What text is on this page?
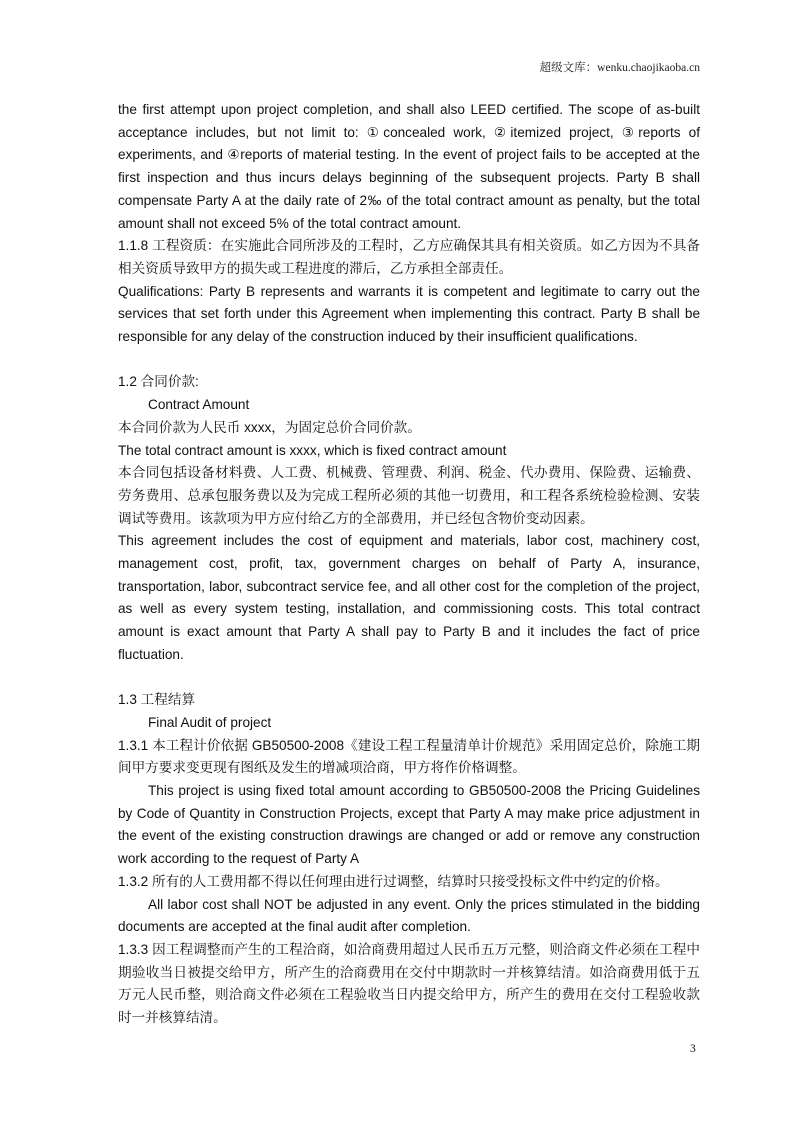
超级文库：wenku.chaojikaoba.cn

the first attempt upon project completion, and shall also LEED certified. The scope of as-built acceptance includes, but not limit to: ①concealed work, ②itemized project, ③reports of experiments, and ④reports of material testing. In the event of project fails to be accepted at the first inspection and thus incurs delays beginning of the subsequent projects. Party B shall compensate Party A at the daily rate of 2‰ of the total contract amount as penalty, but the total amount shall not exceed 5% of the total contract amount.

1.1.8 工程资质：在实施此合同所涉及的工程时，乙方应确保其具有相关资质。如乙方因为不具备相关资质导致甲方的损失或工程进度的滞后，乙方承担全部责任。

Qualifications: Party B represents and warrants it is competent and legitimate to carry out the services that set forth under this Agreement when implementing this contract. Party B shall be responsible for any delay of the construction induced by their insufficient qualifications.

1.2 合同价款:

Contract Amount

本合同价款为人民币 xxxx，为固定总价合同价款。

The total contract amount is xxxx, which is fixed contract amount

本合同包括设备材料费、人工费、机械费、管理费、利润、税金、代办费用、保险费、运输费、劳务费用、总承包服务费以及为完成工程所必须的其他一切费用，和工程各系统检验检测、安装调试等费用。该款项为甲方应付给乙方的全部费用，并已经包含物价变动因素。

This agreement includes the cost of equipment and materials, labor cost, machinery cost, management cost, profit, tax, government charges on behalf of Party A, insurance, transportation, labor, subcontract service fee, and all other cost for the completion of the project, as well as every system testing, installation, and commissioning costs. This total contract amount is exact amount that Party A shall pay to Party B and it includes the fact of price fluctuation.

1.3 工程结算

Final Audit of project

1.3.1 本工程计价依据 GB50500-2008《建设工程工程量清单计价规范》采用固定总价，除施工期间甲方要求变更现有图纸及发生的增减项洽商，甲方将作价格调整。

This project is using fixed total amount according to GB50500-2008 the Pricing Guidelines by Code of Quantity in Construction Projects, except that Party A may make price adjustment in the event of the existing construction drawings are changed or add or remove any construction work according to the request of Party A

1.3.2 所有的人工费用都不得以任何理由进行过调整，结算时只接受投标文件中约定的价格。

All labor cost shall NOT be adjusted in any event. Only the prices stimulated in the bidding documents are accepted at the final audit after completion.

1.3.3 因工程调整而产生的工程洽商，如洽商费用超过人民币五万元整，则洽商文件必须在工程中期验收当日被提交给甲方，所产生的洽商费用在交付中期款时一并核算结清。如洽商费用低于五万元人民币整，则洽商文件必须在工程验收当日内提交给甲方，所产生的费用在交付工程验收款时一并核算结清。

3
